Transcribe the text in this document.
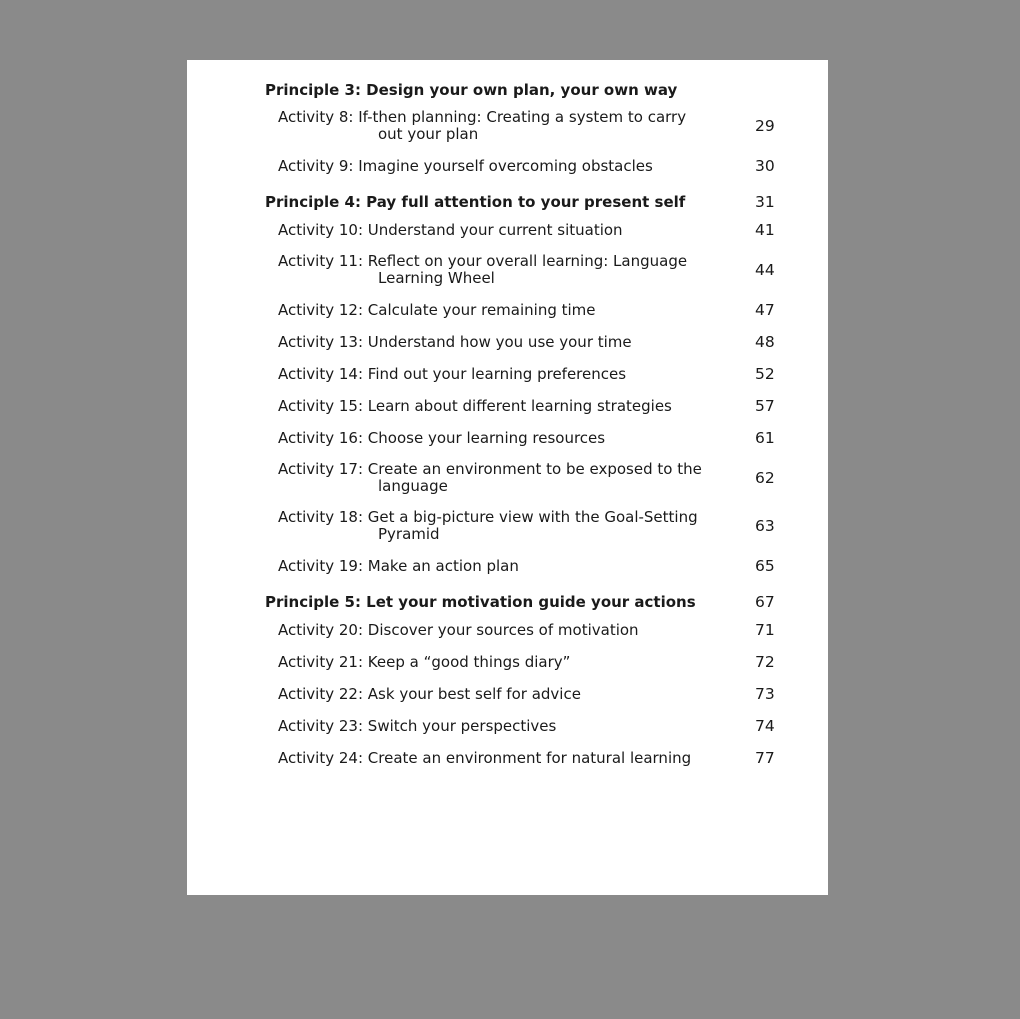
Principle 3: Design your own plan, your own way
Activity 8: If-then planning: Creating a system to carry out your plan	29
Activity 9: Imagine yourself overcoming obstacles	30
Principle 4: Pay full attention to your present self	31
Activity 10: Understand your current situation	41
Activity 11: Reflect on your overall learning: Language Learning Wheel	44
Activity 12: Calculate your remaining time	47
Activity 13: Understand how you use your time	48
Activity 14: Find out your learning preferences	52
Activity 15: Learn about different learning strategies	57
Activity 16: Choose your learning resources	61
Activity 17: Create an environment to be exposed to the language	62
Activity 18: Get a big-picture view with the Goal-Setting Pyramid	63
Activity 19: Make an action plan	65
Principle 5: Let your motivation guide your actions	67
Activity 20: Discover your sources of motivation	71
Activity 21: Keep a “good things diary”	72
Activity 22: Ask your best self for advice	73
Activity 23: Switch your perspectives	74
Activity 24: Create an environment for natural learning	77
